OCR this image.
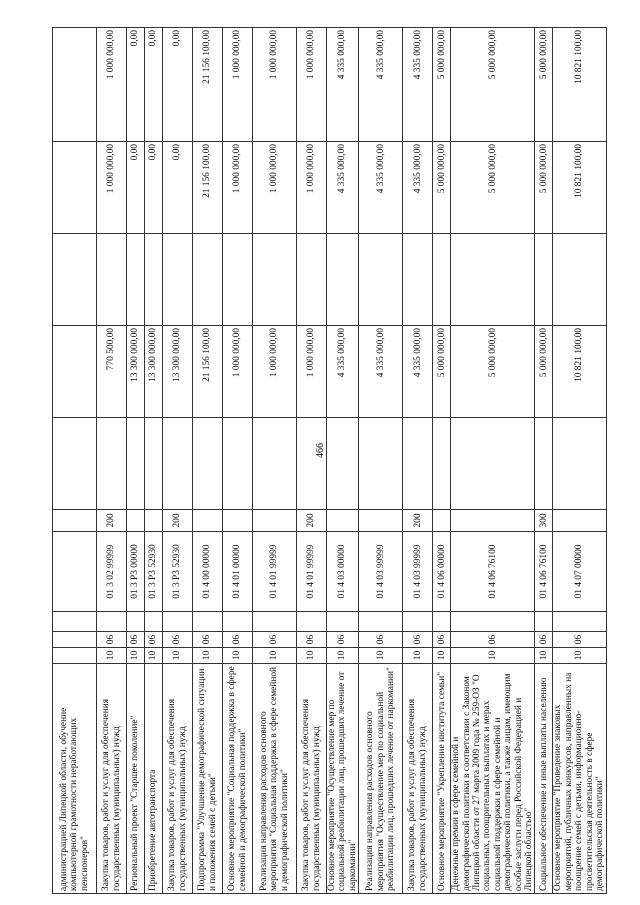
466
администрацией Липецкой области, обучение компьютерной грамотности неработающих пенсионеров"										
Закупка товаров, работ и услуг для обеспечения государственных (муниципальных) нужд	10	06		01 3 02 99999	200		770 500,00		1 000 000,00	1 000 000,00
Региональный проект "Старшее поколение"	10	06		01 3 P3 00000			13 300 000,00		0,00	0,00
Приобретение автотранспорта	10	06		01 3 P3 52930			13 300 000,00		0,00	0,00
Закупка товаров, работ и услуг для обеспечения государственных (муниципальных) нужд	10	06		01 3 P3 52930	200		13 300 000,00		0,00	0,00
Подпрограмма "Улучшение демографической ситуации и положения семей с детьми"	10	06		01 4 00 00000			21 156 100,00		21 156 100,00	21 156 100,00
Основное мероприятие "Социальная поддержка в сфере семейной и демографической политики"	10	06		01 4 01 00000			1 000 000,00		1 000 000,00	1 000 000,00
Реализация направления расходов основного мероприятия "Социальная поддержка в сфере семейной и демографической политики"	10	06		01 4 01 99999			1 000 000,00		1 000 000,00	1 000 000,00
Закупка товаров, работ и услуг для обеспечения государственных (муниципальных) нужд	10	06		01 4 01 99999	200		1 000 000,00		1 000 000,00	1 000 000,00
Основное мероприятие "Осуществление мер по социальной реабилитации лиц, прошедших лечение от наркомании"	10	06		01 4 03 00000			4 335 000,00		4 335 000,00	4 335 000,00
Реализация направления расходов основного мероприятия "Осуществление мер по социальной реабилитации лиц, прошедших лечение от наркомании"	10	06		01 4 03 99999			4 335 000,00		4 335 000,00	4 335 000,00
Закупка товаров, работ и услуг для обеспечения государственных (муниципальных) нужд	10	06		01 4 03 99999	200		4 335 000,00		4 335 000,00	4 335 000,00
Основное мероприятие "Укрепление института семьи"	10	06		01 4 06 00000			5 000 000,00		5 000 000,00	5 000 000,00
Денежные премии в сфере семейной и демографической политики в соответствии с Законом Липецкой области от 27 марта 2009 года № 259-ОЗ "О социальных, поощрительных выплатах и мерах социальной поддержки в сфере семейной и демографической политики, а также лицам, имеющим особые заслуги перед Российской Федерацией и Липецкой областью"	10	06		01 4 06 76100			5 000 000,00		5 000 000,00	5 000 000,00
Социальное обеспечение и иные выплаты населению	10	06		01 4 06 76100	300		5 000 000,00		5 000 000,00	5 000 000,00
Основное мероприятие "Проведение знаковых мероприятий, публичных конкурсов, направленных на поощрение семей с детьми, информационно-просветительская деятельность в сфере демографической политики"	10	06		01 4 07 00000			10 821 100,00		10 821 100,00	10 821 100,00
